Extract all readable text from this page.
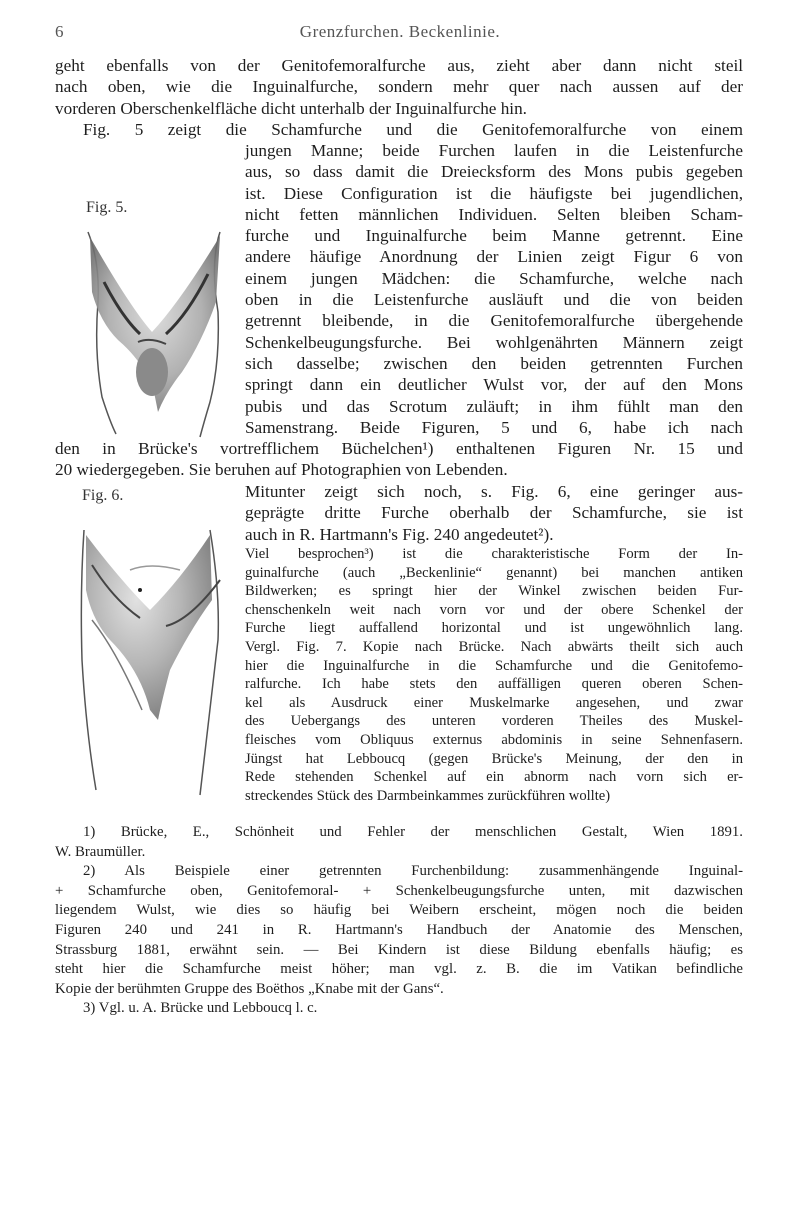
6	Grenzfurchen. Beckenlinie.
geht ebenfalls von der Genitofemoralfurche aus, zieht aber dann nicht steil
nach oben, wie die Inguinalfurche, sondern mehr quer nach aussen auf der
vorderen Oberschenkelfläche dicht unterhalb der Inguinalfurche hin.
Fig. 5 zeigt die Schamfurche und die Genitofemoralfurche von einem
Fig. 5.
jungen Manne; beide Furchen laufen in die Leistenfurche
aus, so dass damit die Dreiecksform des Mons pubis gegeben
ist. Diese Configuration ist die häufigste bei jugendlichen,
nicht fetten männlichen Individuen. Selten bleiben Scham-
furche und Inguinalfurche beim Manne getrennt. Eine
andere häufige Anordnung der Linien zeigt Figur 6 von
einem jungen Mädchen: die Schamfurche, welche nach
oben in die Leistenfurche ausläuft und die von beiden
getrennt bleibende, in die Genitofemoralfurche übergehende
Schenkelbeugungsfurche. Bei wohlgenährten Männern zeigt
sich dasselbe; zwischen den beiden getrennten Furchen
springt dann ein deutlicher Wulst vor, der auf den Mons
pubis und das Scrotum zuläuft; in ihm fühlt man den
Samenstrang. Beide Figuren, 5 und 6, habe ich nach
den in Brücke's vortrefflichem Büchelchen¹) enthaltenen Figuren Nr. 15 und
20 wiedergegeben. Sie beruhen auf Photographien von Lebenden.
Fig. 6.	Mitunter zeigt sich noch, s. Fig. 6, eine geringer aus-
geprägte dritte Furche oberhalb der Schamfurche, sie ist
auch in R. Hartmann's Fig. 240 angedeutet²).
Viel besprochen³) ist die charakteristische Form der In-
guinalfurche (auch „Beckenlinie“ genannt) bei manchen antiken
Bildwerken; es springt hier der Winkel zwischen beiden Fur-
chenschenkeln weit nach vorn vor und der obere Schenkel der
Furche liegt auffallend horizontal und ist ungewöhnlich lang.
Vergl. Fig. 7. Kopie nach Brücke. Nach abwärts theilt sich auch
hier die Inguinalfurche in die Schamfurche und die Genitofemo-
ralfurche. Ich habe stets den auffälligen queren oberen Schen-
kel als Ausdruck einer Muskelmarke angesehen, und zwar
des Uebergangs des unteren vorderen Theiles des Muskel-
fleisches vom Obliquus externus abdominis in seine Sehnenfasern.
Jüngst hat Lebboucq (gegen Brücke's Meinung, der den in
Rede stehenden Schenkel auf ein abnorm nach vorn sich er-
streckendes Stück des Darmbeinkammes zurückführen wollte)
1) Brücke, E., Schönheit und Fehler der menschlichen Gestalt, Wien 1891.
W. Braumüller.
2) Als Beispiele einer getrennten Furchenbildung: zusammenhängende Inguinal-
+ Schamfurche oben, Genitofemoral- + Schenkelbeugungsfurche unten, mit dazwischen
liegendem Wulst, wie dies so häufig bei Weibern erscheint, mögen noch die beiden
Figuren 240 und 241 in R. Hartmann's Handbuch der Anatomie des Menschen,
Strassburg 1881, erwähnt sein. — Bei Kindern ist diese Bildung ebenfalls häufig; es
steht hier die Schamfurche meist höher; man vgl. z. B. die im Vatikan befindliche
Kopie der berühmten Gruppe des Boëthos „Knabe mit der Gans“.
3) Vgl. u. A. Brücke und Lebboucq l. c.
